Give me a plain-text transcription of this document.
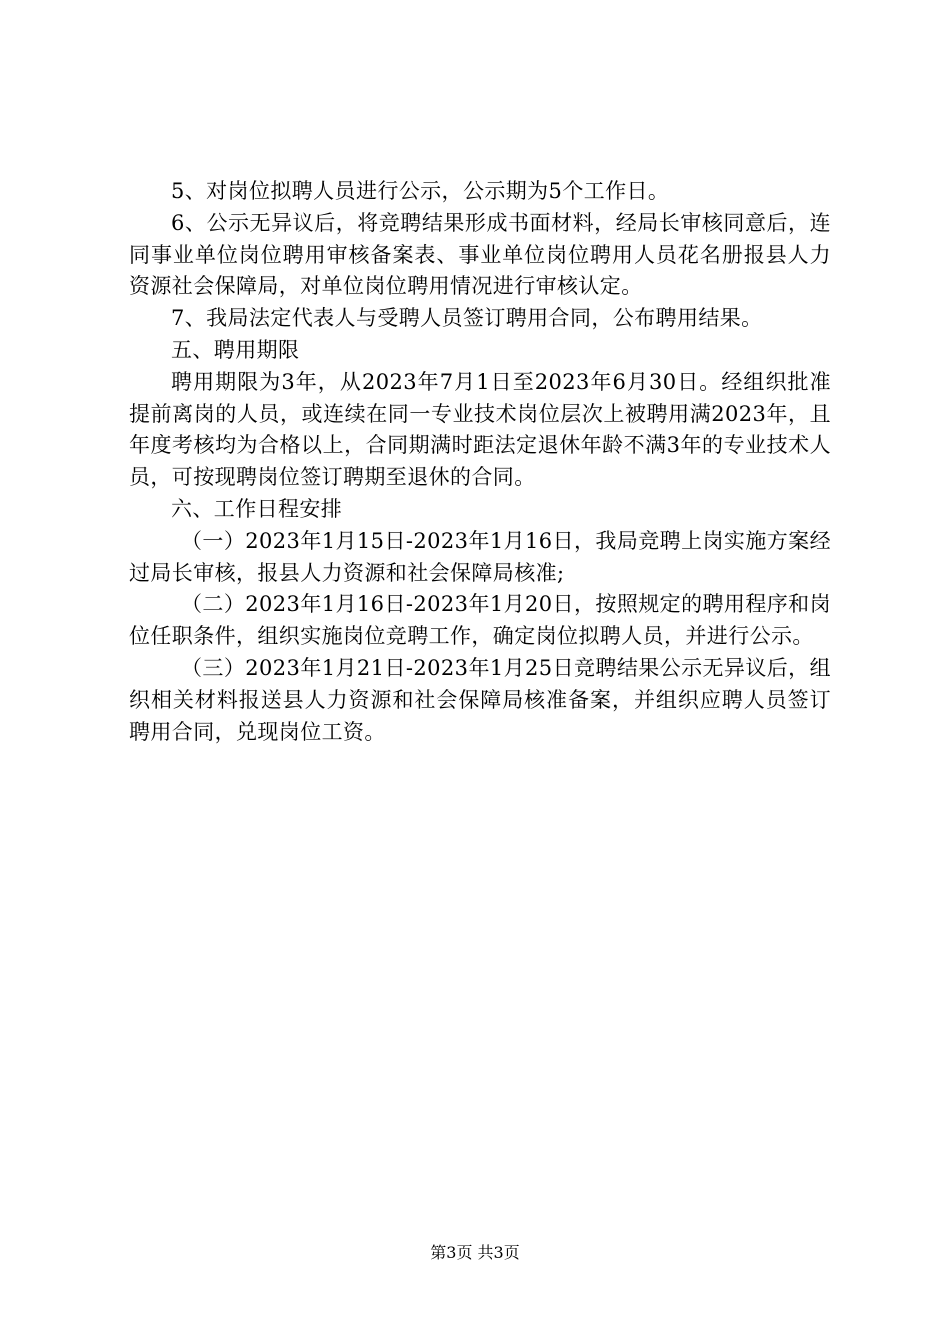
5、对岗位拟聘人员进行公示，公示期为5个工作日。

6、公示无异议后，将竞聘结果形成书面材料，经局长审核同意后，连同事业单位岗位聘用审核备案表、事业单位岗位聘用人员花名册报县人力资源社会保障局，对单位岗位聘用情况进行审核认定。

7、我局法定代表人与受聘人员签订聘用合同，公布聘用结果。

五、聘用期限

聘用期限为3年，从2023年7月1日至2023年6月30日。经组织批准提前离岗的人员，或连续在同一专业技术岗位层次上被聘用满2023年，且年度考核均为合格以上，合同期满时距法定退休年龄不满3年的专业技术人员，可按现聘岗位签订聘期至退休的合同。

六、工作日程安排

（一）2023年1月15日-2023年1月16日，我局竞聘上岗实施方案经过局长审核，报县人力资源和社会保障局核准;

（二）2023年1月16日-2023年1月20日，按照规定的聘用程序和岗位任职条件，组织实施岗位竞聘工作，确定岗位拟聘人员，并进行公示。

（三）2023年1月21日-2023年1月25日竞聘结果公示无异议后，组织相关材料报送县人力资源和社会保障局核准备案，并组织应聘人员签订聘用合同，兑现岗位工资。

第3页 共3页
